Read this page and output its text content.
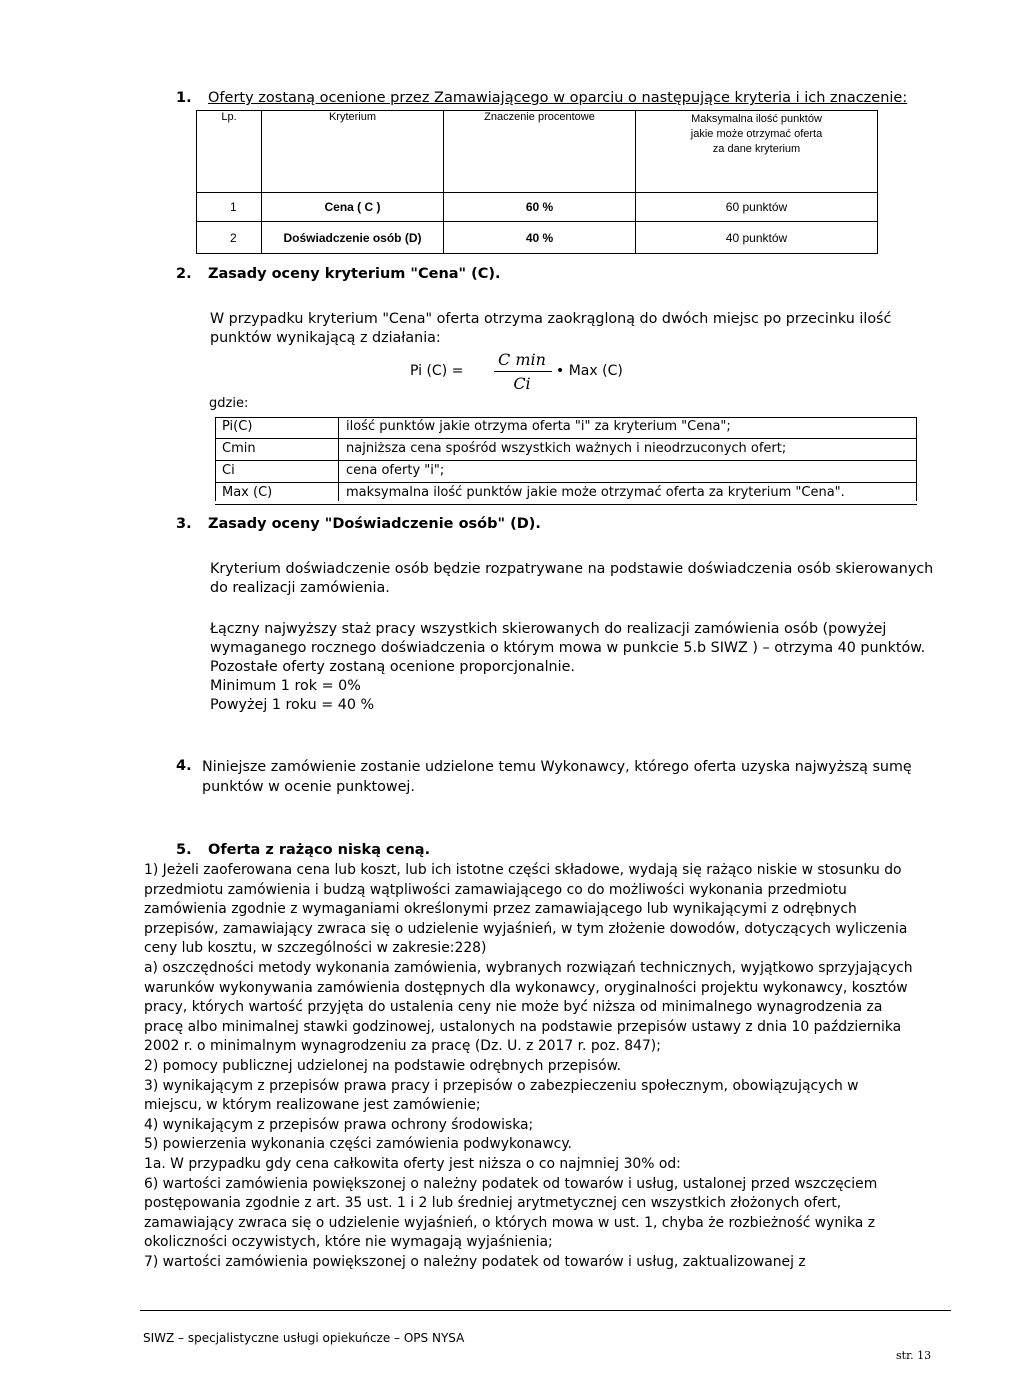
1. Oferty zostaną ocenione przez Zamawiającego w oparciu o następujące kryteria i ich znaczenie:
Lp.	Kryterium	Znaczenie procentowe	Maksymalna ilość punktów
jakie może otrzymać oferta
za dane kryterium

1	Cena ( C )	60 %	60 punktów
2	Doświadczenie osób (D)	40 %	40 punktów
2. Zasady oceny kryterium "Cena" (C).
W przypadku kryterium "Cena" oferta otrzyma zaokrągloną do dwóch miejsc po przecinku ilość
punktów wynikającą z działania:
Pi (C) =
C min
Ci
• Max (C)
gdzie:
Pi(C)	ilość punktów jakie otrzyma oferta "i" za kryterium "Cena";
Cmin	najniższa cena spośród wszystkich ważnych i nieodrzuconych ofert;
Ci	cena oferty "i";
Max (C)	maksymalna ilość punktów jakie może otrzymać oferta za kryterium "Cena".
3. Zasady oceny "Doświadczenie osób" (D).
Kryterium doświadczenie osób będzie rozpatrywane na podstawie doświadczenia osób skierowanych
do realizacji zamówienia.
Łączny najwyższy staż pracy wszystkich skierowanych do realizacji zamówienia osób (powyżej
wymaganego rocznego doświadczenia o którym mowa w punkcie 5.b SIWZ ) – otrzyma 40 punktów.
Pozostałe oferty zostaną ocenione proporcjonalnie.
Minimum 1 rok = 0%
Powyżej 1 roku = 40 %
4. Niniejsze zamówienie zostanie udzielone temu Wykonawcy, którego oferta uzyska najwyższą sumę
punktów w ocenie punktowej.
5. Oferta z rażąco niską ceną.
1) Jeżeli zaoferowana cena lub koszt, lub ich istotne części składowe, wydają się rażąco niskie w stosunku do
przedmiotu zamówienia i budzą wątpliwości zamawiającego co do możliwości wykonania przedmiotu
zamówienia zgodnie z wymaganiami określonymi przez zamawiającego lub wynikającymi z odrębnych
przepisów, zamawiający zwraca się o udzielenie wyjaśnień, w tym złożenie dowodów, dotyczących wyliczenia
ceny lub kosztu, w szczególności w zakresie:228)
a) oszczędności metody wykonania zamówienia, wybranych rozwiązań technicznych, wyjątkowo sprzyjających
warunków wykonywania zamówienia dostępnych dla wykonawcy, oryginalności projektu wykonawcy, kosztów
pracy, których wartość przyjęta do ustalenia ceny nie może być niższa od minimalnego wynagrodzenia za
pracę albo minimalnej stawki godzinowej, ustalonych na podstawie przepisów ustawy z dnia 10 października
2002 r. o minimalnym wynagrodzeniu za pracę (Dz. U. z 2017 r. poz. 847);
2) pomocy publicznej udzielonej na podstawie odrębnych przepisów.
3) wynikającym z przepisów prawa pracy i przepisów o zabezpieczeniu społecznym, obowiązujących w
miejscu, w którym realizowane jest zamówienie;
4) wynikającym z przepisów prawa ochrony środowiska;
5) powierzenia wykonania części zamówienia podwykonawcy.
1a. W przypadku gdy cena całkowita oferty jest niższa o co najmniej 30% od:
6) wartości zamówienia powiększonej o należny podatek od towarów i usług, ustalonej przed wszczęciem
postępowania zgodnie z art. 35 ust. 1 i 2 lub średniej arytmetycznej cen wszystkich złożonych ofert,
zamawiający zwraca się o udzielenie wyjaśnień, o których mowa w ust. 1, chyba że rozbieżność wynika z
okoliczności oczywistych, które nie wymagają wyjaśnienia;
7) wartości zamówienia powiększonej o należny podatek od towarów i usług, zaktualizowanej z
SIWZ – specjalistyczne usługi opiekuńcze – OPS NYSA
str. 13
